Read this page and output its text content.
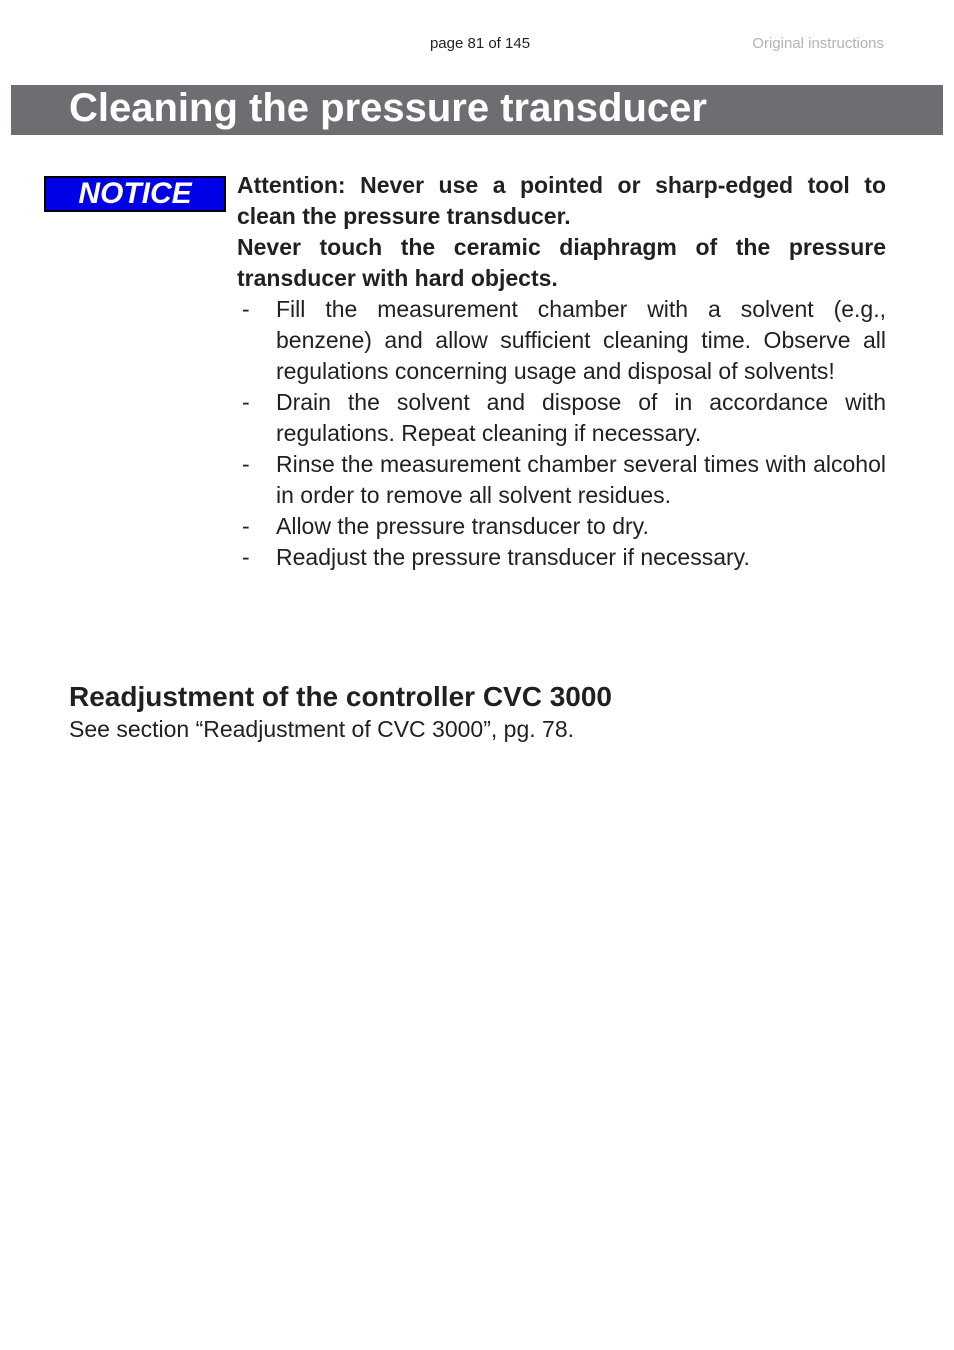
page 81 of 145	Original instructions
Cleaning the pressure transducer
NOTICE	Attention: Never use a pointed or sharp-edged tool to clean the pressure transducer.

Never touch the ceramic diaphragm of the pressure transducer with hard objects.

- Fill the measurement chamber with a solvent (e.g., benzene) and allow sufficient cleaning time. Observe all regulations concerning usage and disposal of solvents!
- Drain the solvent and dispose of in accordance with regulations. Repeat cleaning if necessary.
- Rinse the measurement chamber several times with alcohol in order to remove all solvent residues.
- Allow the pressure transducer to dry.
- Readjust the pressure transducer if necessary.
Readjustment of the controller CVC 3000

See section “Readjustment of CVC 3000”, pg. 78.
